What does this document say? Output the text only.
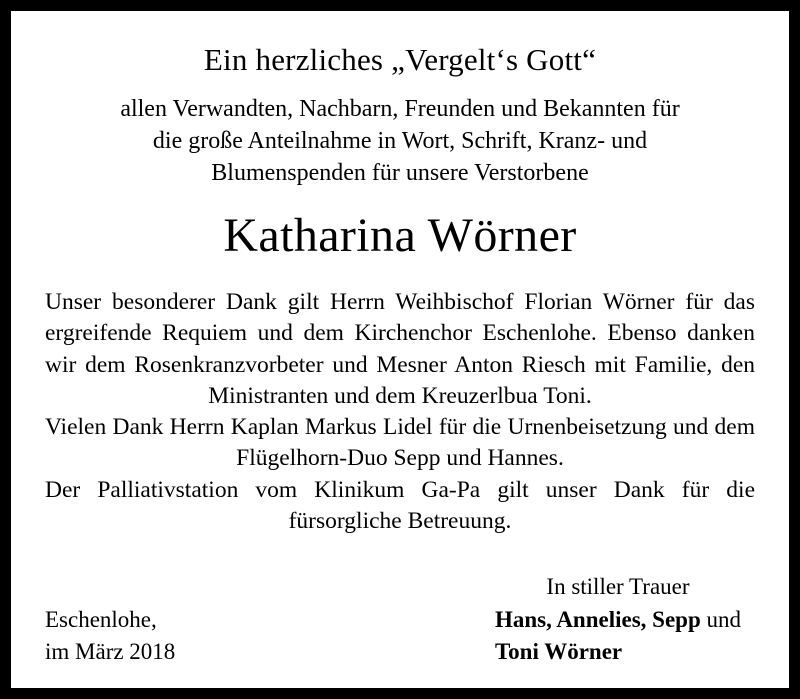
Ein herzliches „Vergelt‘s Gott“
allen Verwandten, Nachbarn, Freunden und Bekannten für
die große Anteilnahme in Wort, Schrift, Kranz- und
Blumenspenden für unsere Verstorbene
Katharina Wörner

Unser besonderer Dank gilt Herrn Weihbischof Florian Wörner für das ergreifende Requiem und dem Kirchenchor Eschenlohe. Ebenso danken wir dem Rosenkranzvorbeter und Mesner Anton Riesch mit Familie, den Ministranten und dem Kreuzerlbua Toni.

Vielen Dank Herrn Kaplan Markus Lidel für die Urnenbeisetzung und dem Flügelhorn-Duo Sepp und Hannes.

Der Palliativstation vom Klinikum Ga-Pa gilt unser Dank für die fürsorgliche Betreuung.

Eschenlohe,
im März 2018
In stiller Trauer
Hans, Annelies, Sepp und
Toni Wörner
